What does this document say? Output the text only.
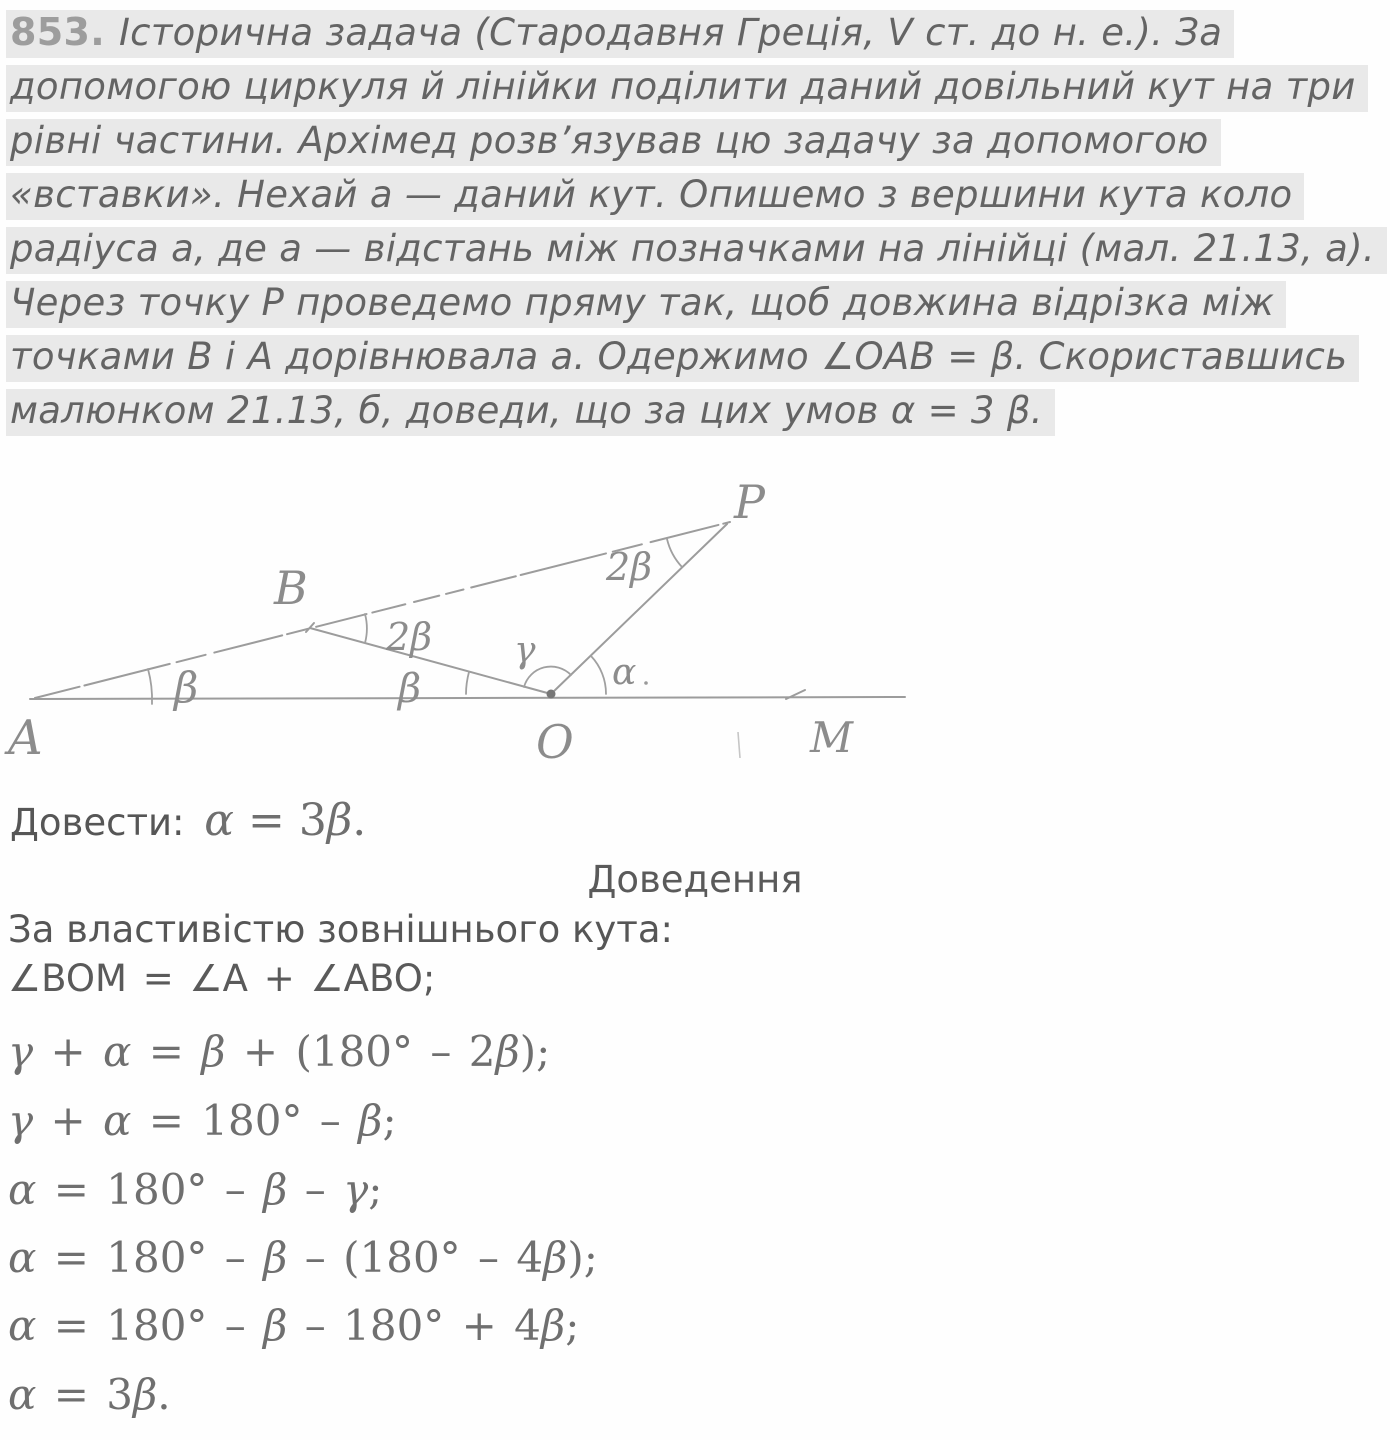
853. Історична задача (Стародавня Греція, V ст. до н. е.). За
допомогою циркуля й лінійки поділити даний довільний кут на три
рівні частини. Архімед розв’язував цю задачу за допомогою
«вставки». Нехай а — даний кут. Опишемо з вершини кута коло
радіуса а, де а — відстань між позначками на лінійці (мал. 21.13, а).
Через точку Р проведемо пряму так, щоб довжина відрізка між
точками В і А дорівнювала а. Одержимо ∠ОАВ = β. Скориставшись
малюнком 21.13, б, доведи, що за цих умов α = 3 β.
A
B
O	M
P
β
2β
β
γ
α
2β
Довести: α = 3β.
Доведення
За властивістю зовнішнього кута:
∠BOM = ∠A + ∠ABO;
γ + α = β + (180° – 2β);
γ + α = 180° – β;
α = 180° – β – γ;
α = 180° – β – (180° – 4β);
α = 180° – β – 180° + 4β;
α = 3β.
